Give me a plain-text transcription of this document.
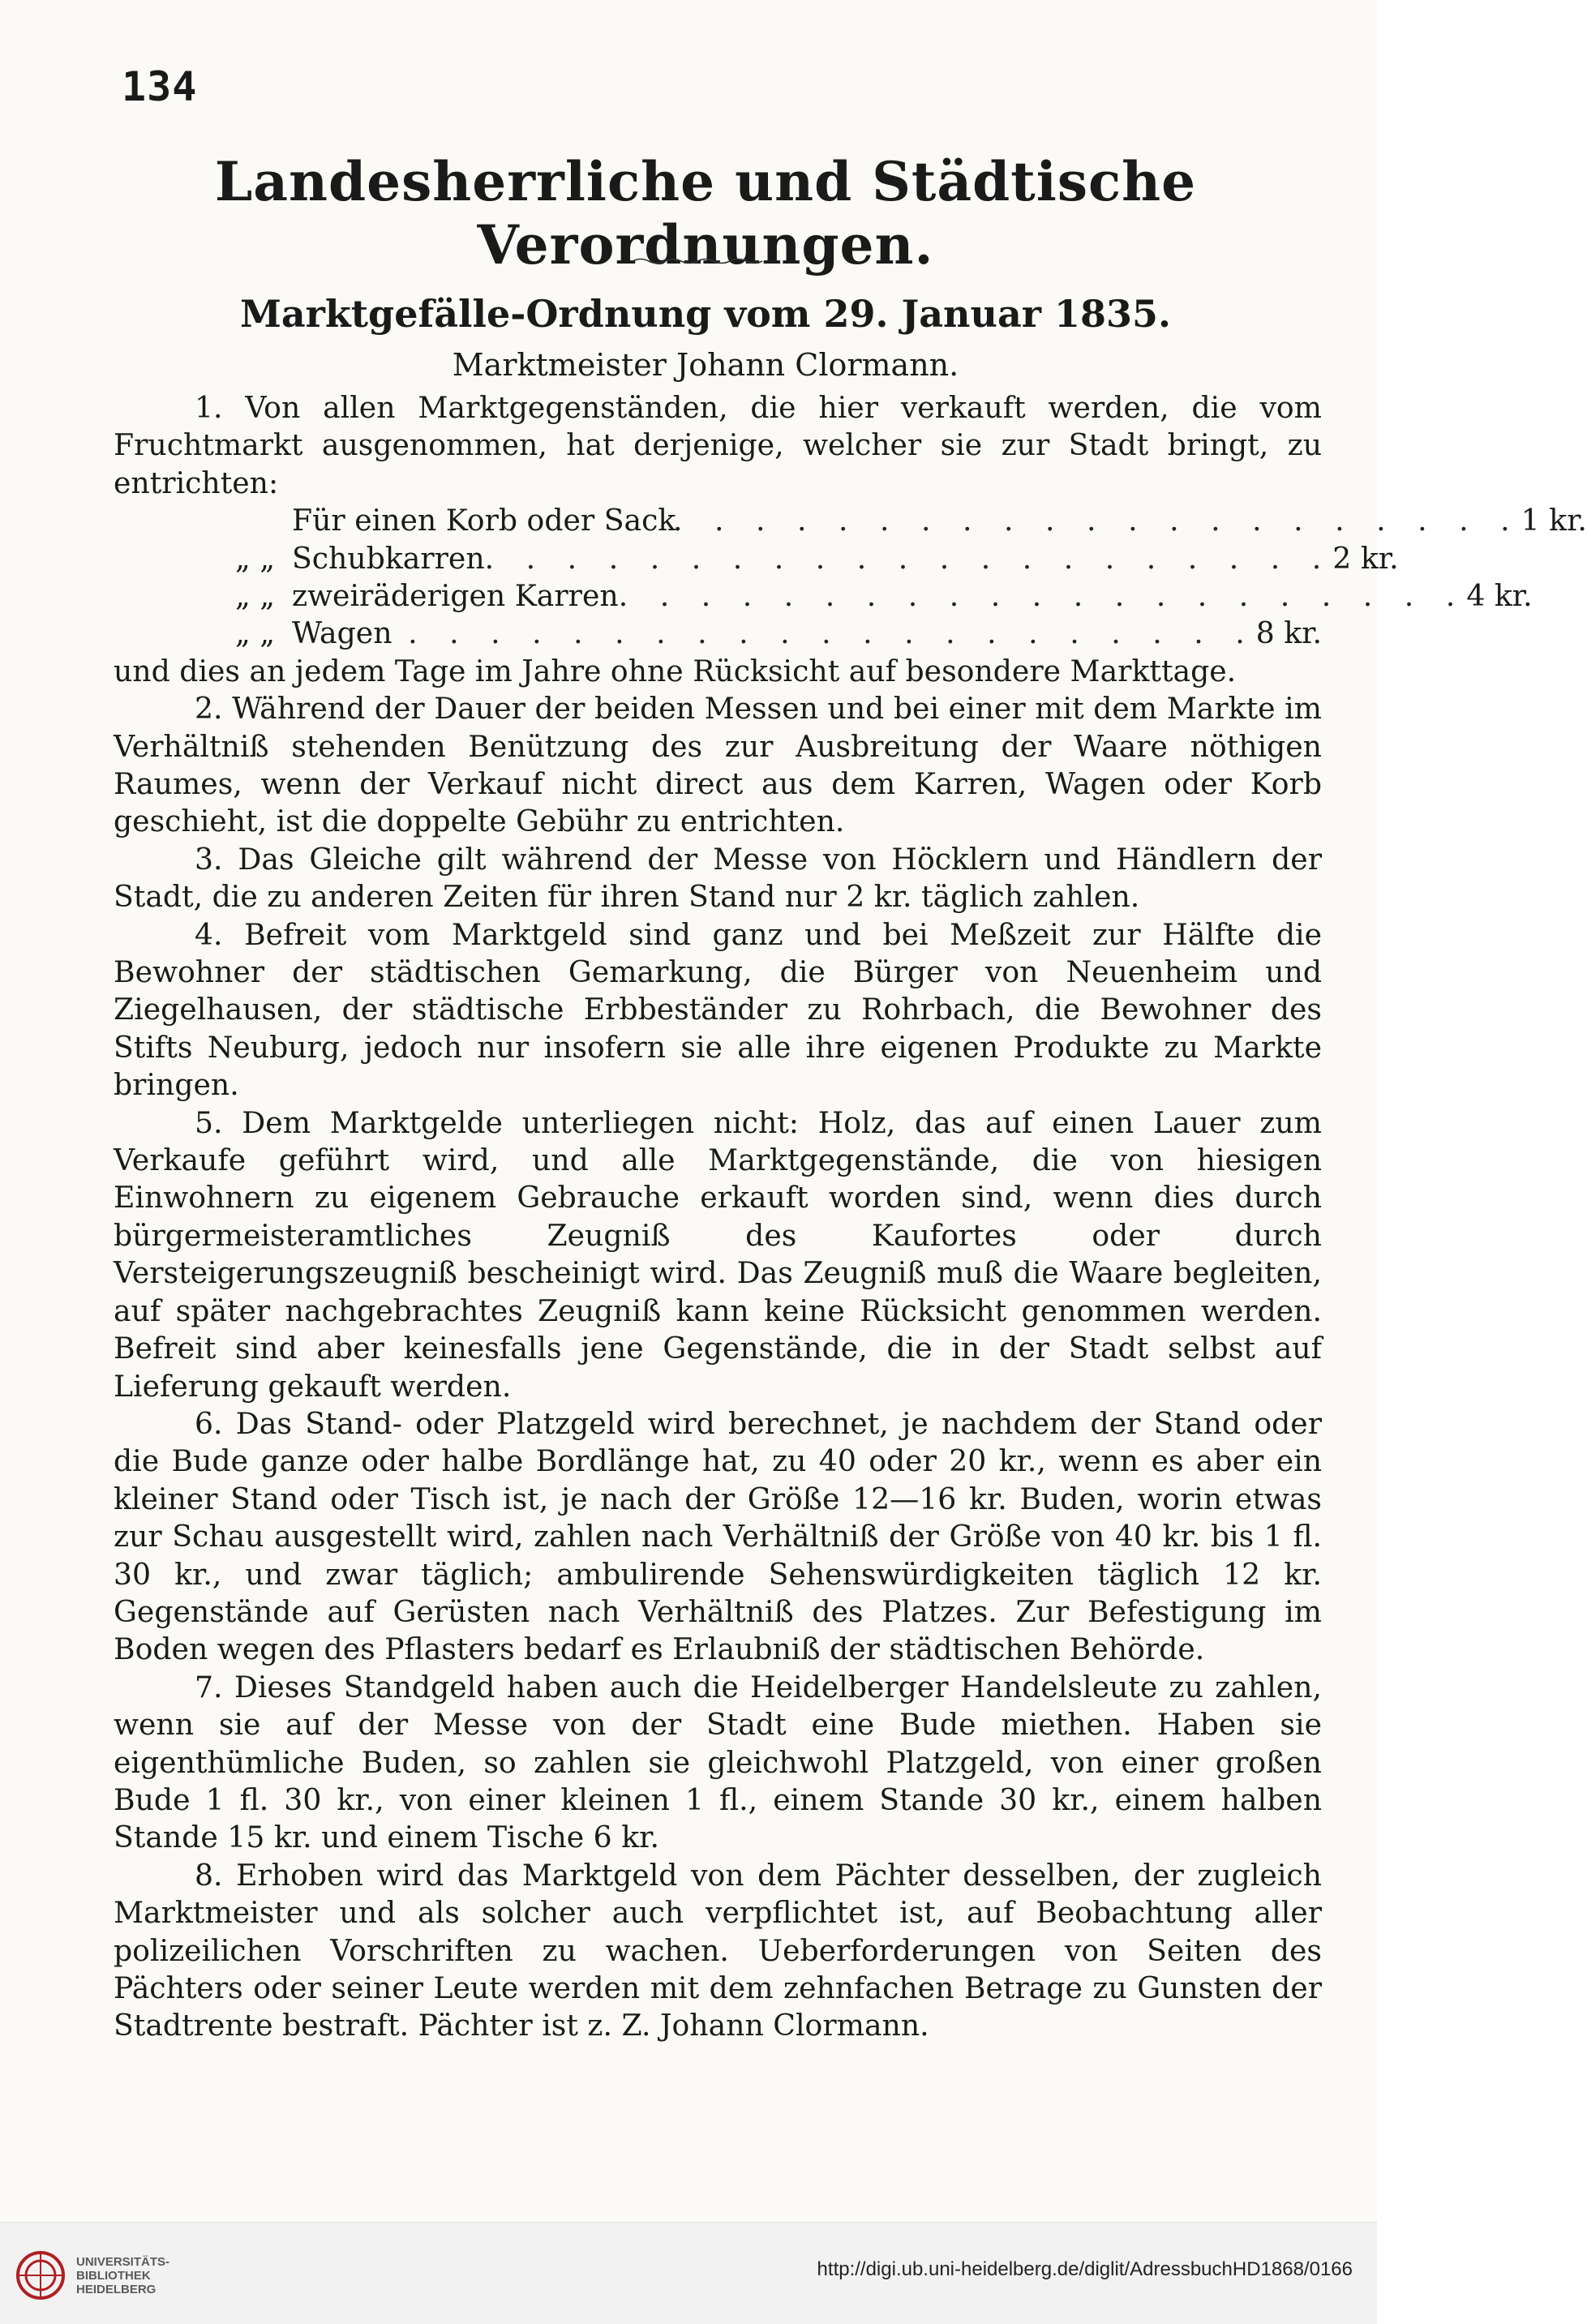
134
Landesherrliche und Städtische Verordnungen.
Marktgefälle-Ordnung vom 29. Januar 1835.
Marktmeister Johann Clormann.

1. Von allen Marktgegenständen, die hier verkauft werden, die vom Fruchtmarkt ausgenommen, hat derjenige, welcher sie zur Stadt bringt, zu entrichten:

Für einen Korb oder Sack
. . . . . . . . . . . . . . . . . . . . . 1 kr.
„ „ Schubkarren . . . . . . . . . . . . . . . . . . . . . 2 kr.
„ „ zweiräderigen Karren . . . . . . . . . . . . . . . . . . . . . 4 kr.
„ „ Wagen . . . . . . . . . . . . . . . . . . . . . 8 kr.

und dies an jedem Tage im Jahre ohne Rücksicht auf besondere Markttage.

2. Während der Dauer der beiden Messen und bei einer mit dem Markte im Verhältniß stehenden Benützung des zur Ausbreitung der Waare nöthigen Raumes, wenn der Verkauf nicht direct aus dem Karren, Wagen oder Korb geschieht, ist die doppelte Gebühr zu entrichten.

3. Das Gleiche gilt während der Messe von Höcklern und Händlern der Stadt, die zu anderen Zeiten für ihren Stand nur 2 kr. täglich zahlen.

4. Befreit vom Marktgeld sind ganz und bei Meßzeit zur Hälfte die Bewohner der städtischen Gemarkung, die Bürger von Neuenheim und Ziegelhausen, der städtische Erbbeständer zu Rohrbach, die Bewohner des Stifts Neuburg, jedoch nur insofern sie alle ihre eigenen Produkte zu Markte bringen.

5. Dem Marktgelde unterliegen nicht: Holz, das auf einen Lauer zum Verkaufe geführt wird, und alle Marktgegenstände, die von hiesigen Einwohnern zu eigenem Gebrauche erkauft worden sind, wenn dies durch bürgermeisteramtliches Zeugniß des Kaufortes oder durch Versteigerungszeugniß bescheinigt wird. Das Zeugniß muß die Waare begleiten, auf später nachgebrachtes Zeugniß kann keine Rücksicht genommen werden. Befreit sind aber keinesfalls jene Gegenstände, die in der Stadt selbst auf Lieferung gekauft werden.

6. Das Stand- oder Platzgeld wird berechnet, je nachdem der Stand oder die Bude ganze oder halbe Bordlänge hat, zu 40 oder 20 kr., wenn es aber ein kleiner Stand oder Tisch ist, je nach der Größe 12—16 kr. Buden, worin etwas zur Schau ausgestellt wird, zahlen nach Verhältniß der Größe von 40 kr. bis 1 fl. 30 kr., und zwar täglich; ambulirende Sehenswürdigkeiten täglich 12 kr. Gegenstände auf Gerüsten nach Verhältniß des Platzes. Zur Befestigung im Boden wegen des Pflasters bedarf es Erlaubniß der städtischen Behörde.

7. Dieses Standgeld haben auch die Heidelberger Handelsleute zu zahlen, wenn sie auf der Messe von der Stadt eine Bude miethen. Haben sie eigenthümliche Buden, so zahlen sie gleichwohl Platzgeld, von einer großen Bude 1 fl. 30 kr., von einer kleinen 1 fl., einem Stande 30 kr., einem halben Stande 15 kr. und einem Tische 6 kr.

8. Erhoben wird das Marktgeld von dem Pächter desselben, der zugleich Marktmeister und als solcher auch verpflichtet ist, auf Beobachtung aller polizeilichen Vorschriften zu wachen. Ueberforderungen von Seiten des Pächters oder seiner Leute werden mit dem zehnfachen Betrage zu Gunsten der Stadtrente bestraft. Pächter ist z. Z. Johann Clormann.

UNIVERSITÄTS-
BIBLIOTHEK
HEIDELBERG
http://digi.ub.uni-heidelberg.de/diglit/AdressbuchHD1868/0166
